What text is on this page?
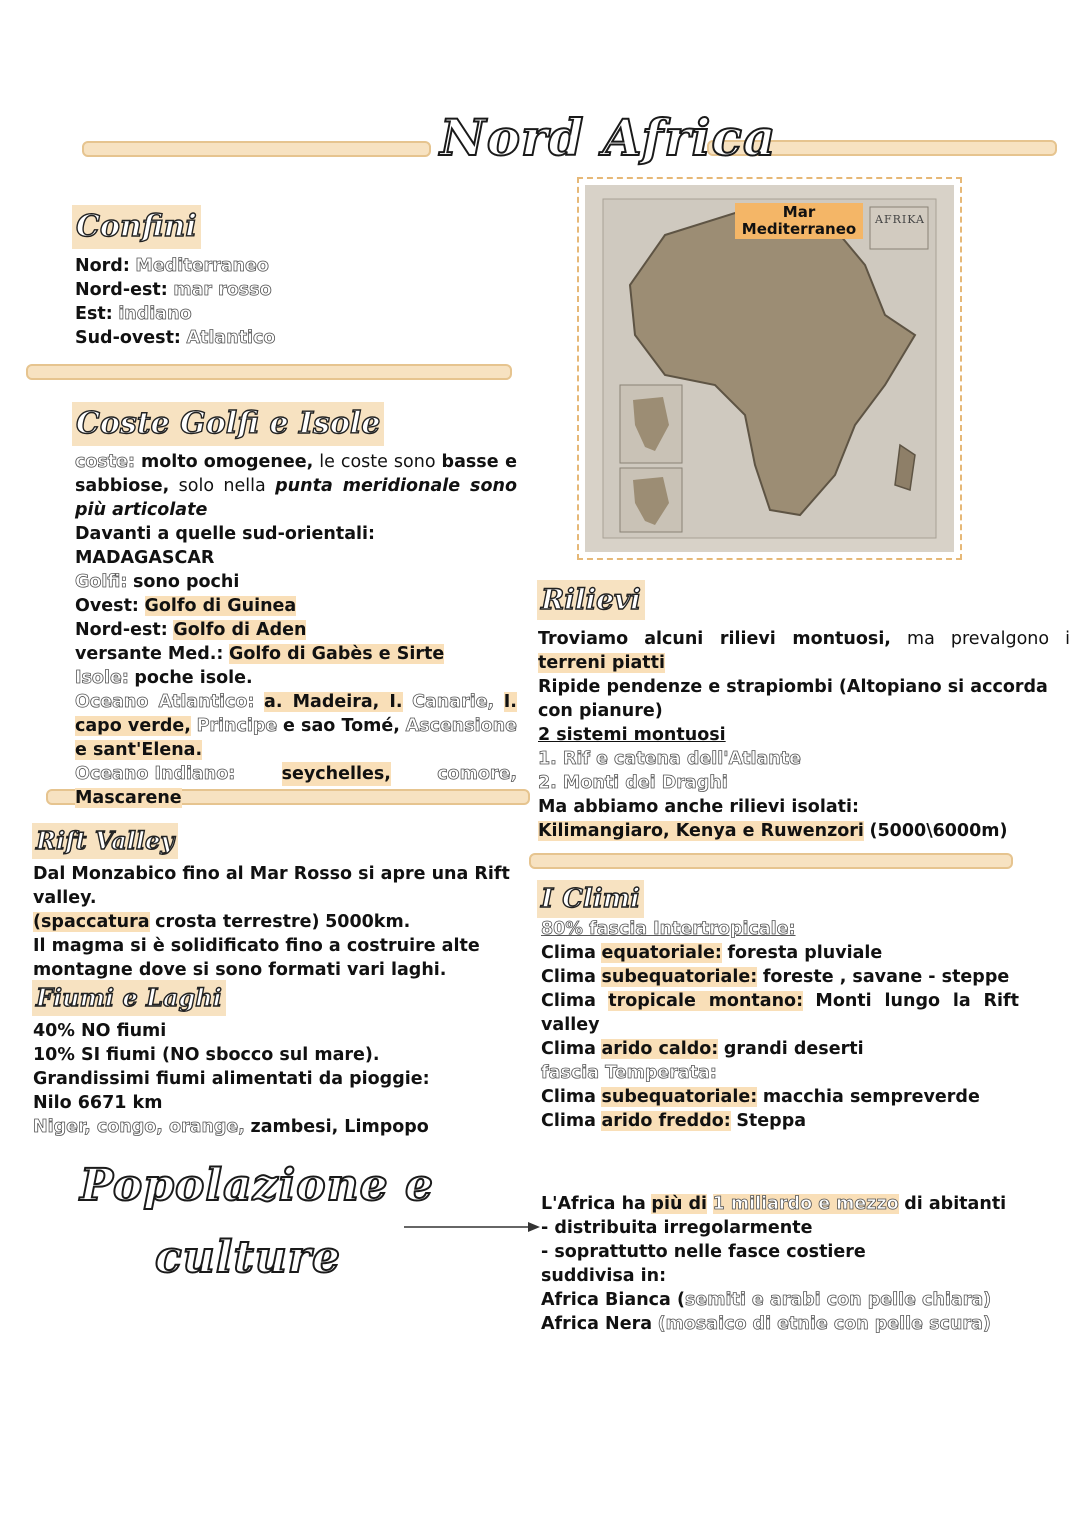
Nord Africa
Confini

Nord: Mediterraneo

Nord-est: mar rosso

Est: indiano

Sud-ovest: Atlantico

Coste Golfi e Isole

coste: molto omogenee, le coste sono basse e sabbiose, solo nella punta meridionale sono più articolate

Davanti a quelle sud-orientali: MADAGASCAR

Golfi: sono pochi

Ovest: Golfo di Guinea

Nord-est: Golfo di Aden

versante Med.: Golfo di Gabès e Sirte

Isole: poche isole.

Oceano Atlantico: a. Madeira, I. Canarie, I. capo verde, Principe e sao Tomé, Ascensione e sant'Elena.

Oceano Indiano:	seychelles,	comore,

Mascarene

Mar Mediterraneo
AFRIKA
Rilievi

Troviamo alcuni rilievi montuosi, ma prevalgono i terreni piatti

Ripide pendenze e strapiombi (Altopiano si accorda con pianure)

2 sistemi montuosi

1. Rif e catena dell'Atlante

2. Monti dei Draghi

Ma abbiamo anche rilievi isolati:

Kilimangiaro, Kenya e Ruwenzori (5000\6000m)

Rift Valley

Dal Monzabico fino al Mar Rosso si apre una Rift valley.

(spaccatura crosta terrestre) 5000km.

Il magma si è solidificato fino a costruire alte montagne dove si sono formati vari laghi.

Fiumi e Laghi

40% NO fiumi

10% SI fiumi (NO sbocco sul mare).

Grandissimi fiumi alimentati da pioggie:

Nilo 6671 km

Niger, congo, orange, zambesi, Limpopo

I Climi

80% fascia Intertropicale:

Clima equatoriale: foresta pluviale

Clima subequatoriale: foreste , savane - steppe

Clima tropicale montano: Monti lungo la Rift valley

Clima arido caldo: grandi deserti

fascia Temperata:

Clima subequatoriale: macchia sempreverde

Clima arido freddo: Steppa

Popolazione e
culture

L'Africa ha più di 1 miliardo e mezzo di abitanti

- distribuita irregolarmente

- soprattutto nelle fasce costiere

suddivisa in:

Africa Bianca (semiti e arabi con pelle chiara)

Africa Nera (mosaico di etnie con pelle scura)
